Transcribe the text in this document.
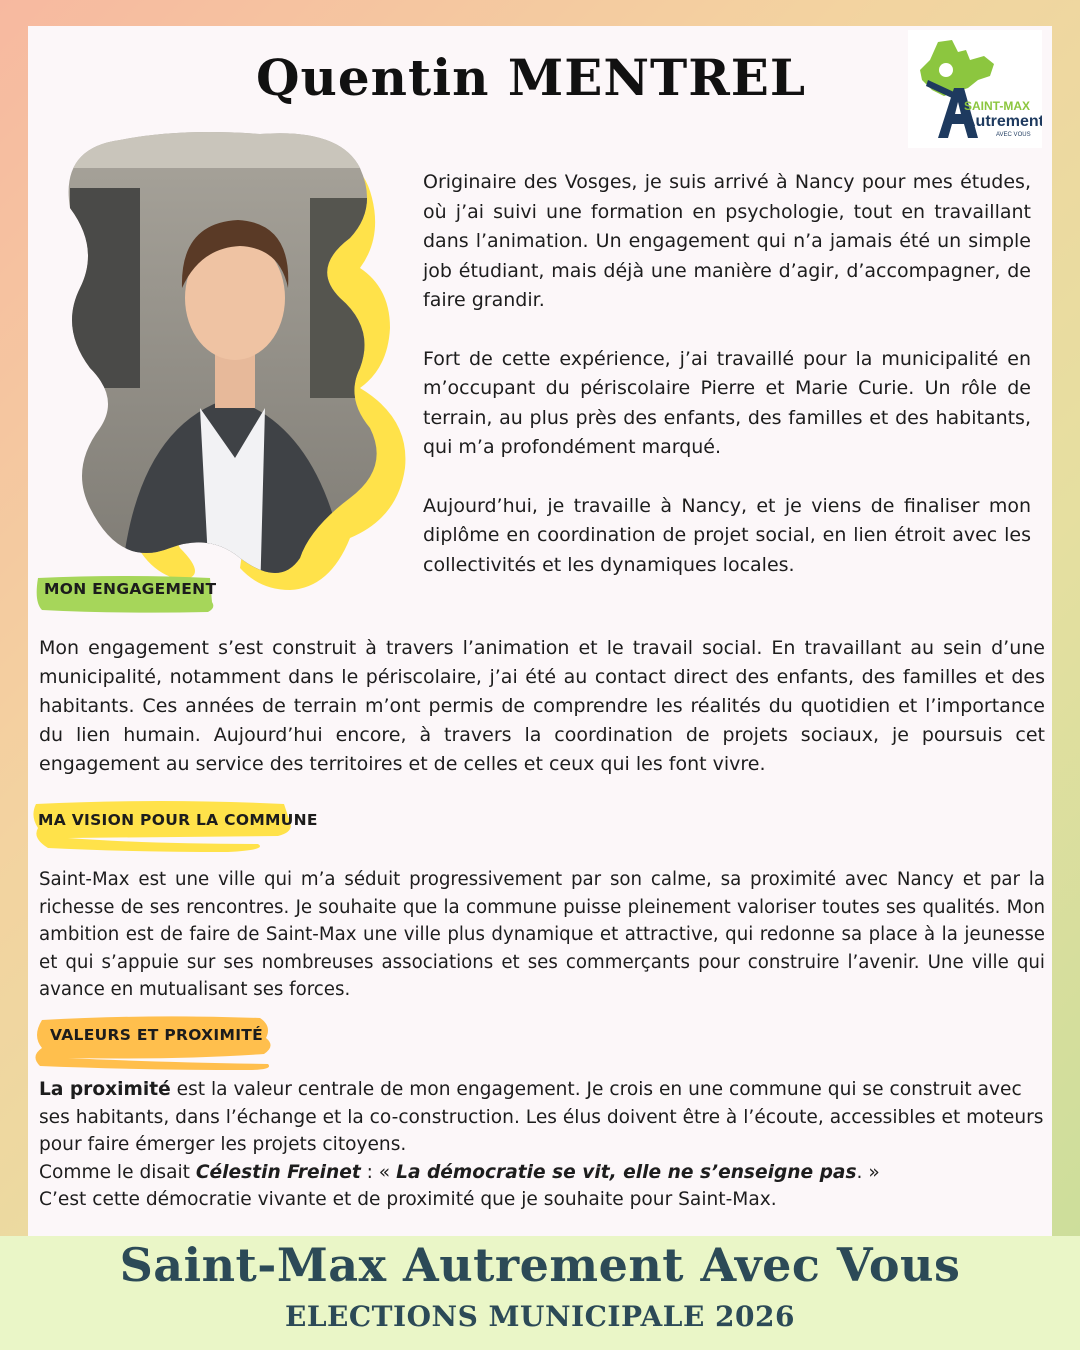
Quentin MENTREL	SAINT-MAX
Autrement
AVEC VOUS

Originaire des Vosges, je suis arrivé à Nancy pour mes études, où j’ai suivi une formation en psychologie, tout en travaillant dans l’animation. Un engagement qui n’a jamais été un simple job étudiant, mais déjà une manière d’agir, d’accompagner, de faire grandir.

Fort de cette expérience, j’ai travaillé pour la municipalité en m’occupant du périscolaire Pierre et Marie Curie. Un rôle de terrain, au plus près des enfants, des familles et des habitants, qui m’a profondément marqué.

Aujourd’hui, je travaille à Nancy, et je viens de finaliser mon diplôme en coordination de projet social, en lien étroit avec les collectivités et les dynamiques locales.

MON ENGAGEMENT

Mon engagement s’est construit à travers l’animation et le travail social. En travaillant au sein d’une municipalité, notamment dans le périscolaire, j’ai été au contact direct des enfants, des familles et des habitants. Ces années de terrain m’ont permis de comprendre les réalités du quotidien et l’importance du lien humain. Aujourd’hui encore, à travers la coordination de projets sociaux, je poursuis cet engagement au service des territoires et de celles et ceux qui les font vivre.

MA VISION POUR LA COMMUNE

Saint-Max est une ville qui m’a séduit progressivement par son calme, sa proximité avec Nancy et par la richesse de ses rencontres. Je souhaite que la commune puisse pleinement valoriser toutes ses qualités. Mon ambition est de faire de Saint-Max une ville plus dynamique et attractive, qui redonne sa place à la jeunesse et qui s’appuie sur ses nombreuses associations et ses commerçants pour construire l’avenir. Une ville qui avance en mutualisant ses forces.

VALEURS ET PROXIMITÉ

La proximité est la valeur centrale de mon engagement. Je crois en une commune qui se construit avec ses habitants, dans l’échange et la co-construction. Les élus doivent être à l’écoute, accessibles et moteurs pour faire émerger les projets citoyens.

Comme le disait Célestin Freinet : « La démocratie se vit, elle ne s’enseigne pas. »

C’est cette démocratie vivante et de proximité que je souhaite pour Saint-Max.

Saint-Max Autrement Avec Vous
ELECTIONS MUNICIPALE 2026
